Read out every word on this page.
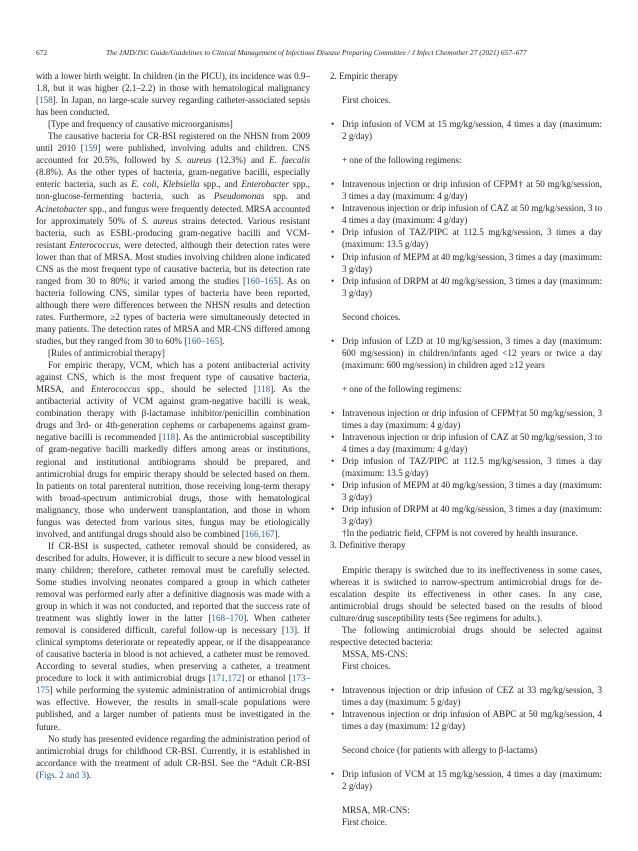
672	The JAID/JSC Guide/Guidelines to Clinical Management of Infectious Disease Preparing Committee / J Infect Chemother 27 (2021) 657–677

with a lower birth weight. In children (in the PICU), its incidence was 0.9–1.8, but it was higher (2.1–2.2) in those with hematological malignancy [158]. In Japan, no large-scale survey regarding catheter-associated sepsis has been conducted.

[Type and frequency of causative microorganisms]

The causative bacteria for CR-BSI registered on the NHSN from 2009 until 2010 [159] were published, involving adults and children. CNS accounted for 20.5%, followed by S. aureus (12.3%) and E. faecalis (8.8%). As the other types of bacteria, gram-negative bacilli, especially enteric bacteria, such as E. coli, Klebsiella spp., and Enterobacter spp., non-glucose-fermenting bacteria, such as Pseudomonas spp. and Acinetobacter spp., and fungus were frequently detected. MRSA accounted for approximately 50% of S. aureus strains detected. Various resistant bacteria, such as ESBL-producing gram-negative bacilli and VCM-resistant Enterococcus, were detected, although their detection rates were lower than that of MRSA. Most studies involving children alone indicated CNS as the most frequent type of causative bacteria, but its detection rate ranged from 30 to 80%; it varied among the studies [160–165]. As on bacteria following CNS, similar types of bacteria have been reported, although there were differences between the NHSN results and detection rates. Furthermore, ≥2 types of bacteria were simultaneously detected in many patients. The detection rates of MRSA and MR-CNS differed among studies, but they ranged from 30 to 60% [160–165].

[Rules of antimicrobial therapy]

For empiric therapy, VCM, which has a potent antibacterial activity against CNS, which is the most frequent type of causative bacteria, MRSA, and Enterococcus spp., should be selected [118]. As the antibacterial activity of VCM against gram-negative bacilli is weak, combination therapy with β-lactamase inhibitor/penicillin combination drugs and 3rd- or 4th-generation cephems or carbapenems against gram-negative bacilli is recommended [118]. As the antimicrobial susceptibility of gram-negative bacilli markedly differs among areas or institutions, regional and institutional antibiograms should be prepared, and antimicrobial drugs for empiric therapy should be selected based on them. In patients on total parenteral nutrition, those receiving long-term therapy with broad-spectrum antimicrobial drugs, those with hematological malignancy, those who underwent transplantation, and those in whom fungus was detected from various sites, fungus may be etiologically involved, and antifungal drugs should also be combined [166,167].

If CR-BSI is suspected, catheter removal should be considered, as described for adults. However, it is difficult to secure a new blood vessel in many children; therefore, catheter removal must be carefully selected. Some studies involving neonates compared a group in which catheter removal was performed early after a definitive diagnosis was made with a group in which it was not conducted, and reported that the success rate of treatment was slightly lower in the latter [168–170]. When catheter removal is considered difficult, careful follow-up is necessary [13]. If clinical symptoms deteriorate or repeatedly appear, or if the disappearance of causative bacteria in blood is not achieved, a catheter must be removed. According to several studies, when preserving a catheter, a treatment procedure to lock it with antimicrobial drugs [171,172] or ethanol [173–175] while performing the systemic administration of antimicrobial drugs was effective. However, the results in small-scale populations were published, and a larger number of patients must be investigated in the future.

No study has presented evidence regarding the administration period of antimicrobial drugs for childhood CR-BSI. Currently, it is established in accordance with the treatment of adult CR-BSI. See the “Adult CR-BSI (Figs. 2 and 3).

2. Empiric therapy

First choices.

• Drip infusion of VCM at 15 mg/kg/session, 4 times a day (maximum: 2 g/day)

+ one of the following regimens:

• Intravenous injection or drip infusion of CFPM† at 50 mg/kg/session, 3 times a day (maximum: 4 g/day)
• Intravenous injection or drip infusion of CAZ at 50 mg/kg/session, 3 to 4 times a day (maximum: 4 g/day)
• Drip infusion of TAZ/PIPC at 112.5 mg/kg/session, 3 times a day (maximum: 13.5 g/day)
• Drip infusion of MEPM at 40 mg/kg/session, 3 times a day (maximum: 3 g/day)
• Drip infusion of DRPM at 40 mg/kg/session, 3 times a day (maximum: 3 g/day)

Second choices.

• Drip infusion of LZD at 10 mg/kg/session, 3 times a day (maximum: 600 mg/session) in children/infants aged <12 years or twice a day (maximum: 600 mg/session) in children aged ≥12 years

+ one of the following regimens:

• Intravenous injection or drip infusion of CFPM†at 50 mg/kg/session, 3 times a day (maximum: 4 g/day)
• Intravenous injection or drip infusion of CAZ at 50 mg/kg/session, 3 to 4 times a day (maximum: 4 g/day)
• Drip infusion of TAZ/PIPC at 112.5 mg/kg/session, 3 times a day (maximum: 13.5 g/day)
• Drip infusion of MEPM at 40 mg/kg/session, 3 times a day (maximum: 3 g/day)
• Drip infusion of DRPM at 40 mg/kg/session, 3 times a day (maximum: 3 g/day)

†In the pediatric field, CFPM is not covered by health insurance.

3. Definitive therapy

Empiric therapy is switched due to its ineffectiveness in some cases, whereas it is switched to narrow-spectrum antimicrobial drugs for de-escalation despite its effectiveness in other cases. In any case, antimicrobial drugs should be selected based on the results of blood culture/drug susceptibility tests (See regimens for adults.).

The following antimicrobial drugs should be selected against respective detected bacteria:

MSSA, MS-CNS:

First choices.

• Intravenous injection or drip infusion of CEZ at 33 mg/kg/session, 3 times a day (maximum: 5 g/day)
• Intravenous injection or drip infusion of ABPC at 50 mg/kg/session, 4 times a day (maximum: 12 g/day)

Second choice (for patients with allergy to β-lactams)

• Drip infusion of VCM at 15 mg/kg/session, 4 times a day (maximum: 2 g/day)

MRSA, MR-CNS:

First choice.
